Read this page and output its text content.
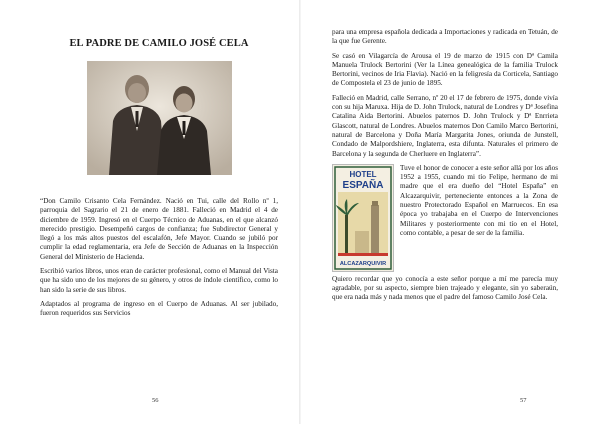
EL PADRE DE CAMILO JOSÉ CELA

“Don Camilo Crisanto Cela Fernández. Nació en Tui, calle del Rollo nº 1, parroquia del Sagrario el 21 de enero de 1881. Falleció en Madrid el 4 de diciembre de 1959. Ingresó en el Cuerpo Técnico de Aduanas, en el que alcanzó merecido prestigio. Desempeñó cargos de confianza; fue Subdirector General y llegó a los más altos puestos del escalafón, Jefe Mayor. Cuando se jubiló por cumplir la edad reglamentaria, era Jefe de Sección de Aduanas en la Inspección General del Ministerio de Hacienda.

Escribió varios libros, unos eran de carácter profesional, como el Manual del Vista que ha sido uno de los mejores de su género, y otros de índole científico, como lo han sido la serie de sus libros.

Adaptados al programa de ingreso en el Cuerpo de Aduanas. Al ser jubilado, fueron requeridos sus Servicios

56

para una empresa española dedicada a Importaciones y radicada en Tetuán, de la que fue Gerente.

Se casó en Vilagarcía de Arousa el 19 de marzo de 1915 con Dª Camila Manuela Trulock Bertorini (Ver la Línea genealógica de la familia Trulock Bertorini, vecinos de Iria Flavia). Nació en la feligresía da Corticela, Santiago de Compostela el 23 de junio de 1895.

Falleció en Madrid, calle Serrano, nº 20 el 17 de febrero de 1975, donde vivía con su hija Maruxa. Hija de D. John Trulock, natural de Londres y Dª Josefina Catalina Aida Bertorini. Abuelos paternos D. John Trulock y Dª Enrrieta Glascott, natural de Londres. Abuelos maternos Don Camilo Marco Bertorini, natural de Barcelona y Doña María Margarita Jones, oriunda de Junstell, Condado de Malpordshiere, Inglaterra, esta difunta. Naturales el primero de Barcelona y la segunda de Cherluere en Inglaterra”.

HOTEL
ESPAÑA
ALCAZARQUIVIR

Tuve el honor de conocer a este señor allá por los años 1952 a 1955, cuando mi tío Felipe, hermano de mi madre que el era dueño del “Hotel España” en Alcazarquivir, perteneciente entonces a la Zona de nuestro Protectorado Español en Marruecos. En esa época yo trabajaba en el Cuerpo de Intervenciones Militares y posteriormente con mi tío en el Hotel, como contable, a pesar de ser de la familia.

Quiero recordar que yo conocía a este señor porque a mí me parecía muy agradable, por su aspecto, siempre bien trajeado y elegante, sin yo saberaún, que era nada más y nada menos que el padre del famoso Camilo José Cela.

57
